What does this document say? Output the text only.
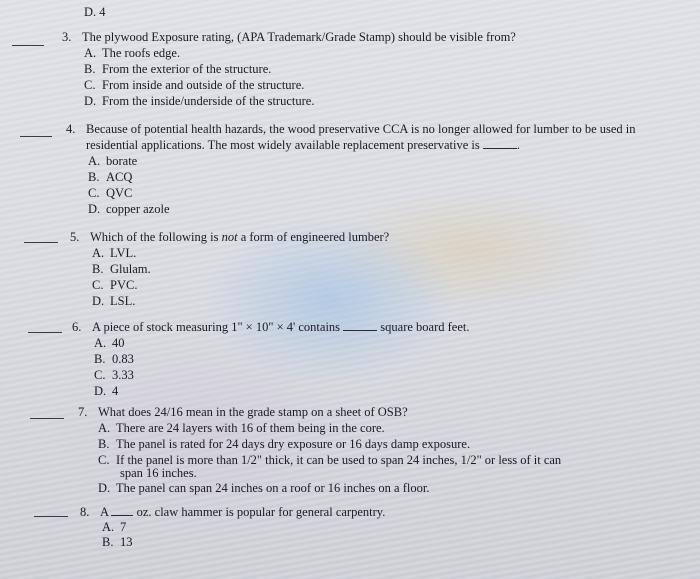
D. 4
3. The plywood Exposure rating, (APA Trademark/Grade Stamp) should be visible from?
A. The roofs edge.
B. From the exterior of the structure.
C. From inside and outside of the structure.
D. From the inside/underside of the structure.
4. Because of potential health hazards, the wood preservative CCA is no longer allowed for lumber to be used in
residential applications. The most widely available replacement preservative is	.
A. borate
B. ACQ
C. QVC
D. copper azole
5. Which of the following is not a form of engineered lumber?
A. LVL.
B. Glulam.
C. PVC.
D. LSL.
6. A piece of stock measuring 1" × 10" × 4' contains	square board feet.
A. 40
B. 0.83
C. 3.33
D. 4
7. What does 24/16 mean in the grade stamp on a sheet of OSB?
A. There are 24 layers with 16 of them being in the core.
B. The panel is rated for 24 days dry exposure or 16 days damp exposure.
C. If the panel is more than 1/2" thick, it can be used to span 24 inches, 1/2" or less of it can
span 16 inches.
D. The panel can span 24 inches on a roof or 16 inches on a floor.
8. A oz. claw hammer is popular for general carpentry.
A. 7
B. 13
